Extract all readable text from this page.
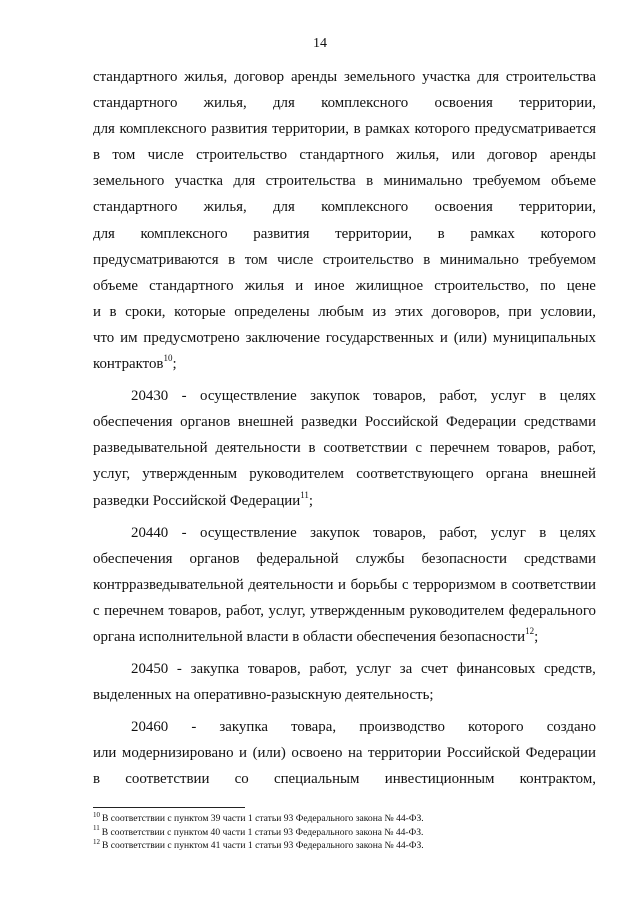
14
стандартного жилья, договор аренды земельного участка для строительства
стандартного жилья, для комплексного освоения территории,
для комплексного развития территории, в рамках которого предусматривается
в том числе строительство стандартного жилья, или договор аренды
земельного участка для строительства в минимально требуемом объеме
стандартного жилья, для комплексного освоения территории,
для комплексного развития территории, в рамках которого
предусматриваются в том числе строительство в минимально требуемом
объеме стандартного жилья и иное жилищное строительство, по цене
и в сроки, которые определены любым из этих договоров, при условии,
что им предусмотрено заключение государственных и (или) муниципальных
контрактов$^{10}$;
20430 - осуществление закупок товаров, работ, услуг в целях
обеспечения органов внешней разведки Российской Федерации средствами
разведывательной деятельности в соответствии с перечнем товаров, работ,
услуг, утвержденным руководителем соответствующего органа внешней
разведки Российской Федерации$^{11}$;
20440 - осуществление закупок товаров, работ, услуг в целях
обеспечения органов федеральной службы безопасности средствами
контрразведывательной деятельности и борьбы с терроризмом в соответствии
с перечнем товаров, работ, услуг, утвержденным руководителем федерального
органа исполнительной власти в области обеспечения безопасности$^{12}$;
20450 - закупка товаров, работ, услуг за счет финансовых средств,
выделенных на оперативно-разыскную деятельность;
20460 - закупка товара, производство которого создано
или модернизировано и (или) освоено на территории Российской Федерации
в соответствии со специальным инвестиционным контрактом,
$^{10}$ В соответствии с пунктом 39 части 1 статьи 93 Федерального закона № 44-ФЗ.
$^{11}$ В соответствии с пунктом 40 части 1 статьи 93 Федерального закона № 44-ФЗ.
$^{12}$ В соответствии с пунктом 41 части 1 статьи 93 Федерального закона № 44-ФЗ.
